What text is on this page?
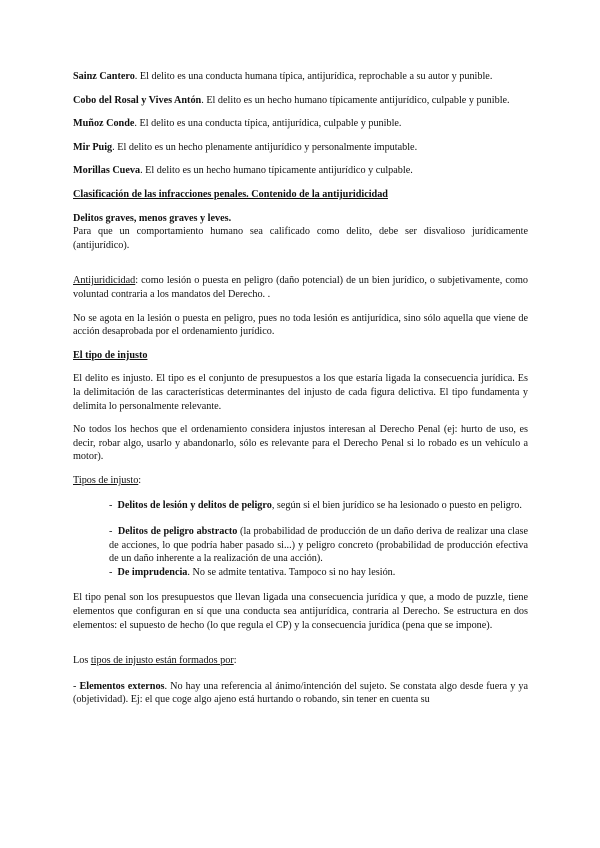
Sainz Cantero. El delito es una conducta humana típica, antijurídica, reprochable a su autor y punible.

Cobo del Rosal y Vives Antón. El delito es un hecho humano típicamente antijurídico, culpable y punible.

Muñoz Conde. El delito es una conducta típica, antijurídica, culpable y punible.

Mir Puig. El delito es un hecho plenamente antijurídico y personalmente imputable.

Morillas Cueva. El delito es un hecho humano típicamente antijurídico y culpable.

Clasificación de las infracciones penales. Contenido de la antijuridicidad

Delitos graves, menos graves y leves.
Para que un comportamiento humano sea calificado como delito, debe ser disvalioso jurídicamente (antijurídico).

Antijuridicidad: como lesión o puesta en peligro (daño potencial) de un bien jurídico, o subjetivamente, como voluntad contraria a los mandatos del Derecho. .

No se agota en la lesión o puesta en peligro, pues no toda lesión es antijurídica, sino sólo aquella que viene de acción desaprobada por el ordenamiento jurídico.

El tipo de injusto

El delito es injusto. El tipo es el conjunto de presupuestos a los que estaría ligada la consecuencia jurídica. Es la delimitación de las características determinantes del injusto de cada figura delictiva. El tipo fundamenta y delimita lo personalmente relevante.

No todos los hechos que el ordenamiento considera injustos interesan al Derecho Penal (ej: hurto de uso, es decir, robar algo, usarlo y abandonarlo, sólo es relevante para el Derecho Penal si lo robado es un vehículo a motor).

Tipos de injusto:

- Delitos de lesión y delitos de peligro, según si el bien jurídico se ha lesionado o puesto en peligro.

- Delitos de peligro abstracto (la probabilidad de producción de un daño deriva de realizar una clase de acciones, lo que podría haber pasado si...) y peligro concreto (probabilidad de producción efectiva de un daño inherente a la realización de una acción).

- De imprudencia. No se admite tentativa. Tampoco si no hay lesión.

El tipo penal son los presupuestos que llevan ligada una consecuencia jurídica y que, a modo de puzzle, tiene elementos que configuran en sí que una conducta sea antijurídica, contraria al Derecho. Se estructura en dos elementos: el supuesto de hecho (lo que regula el CP) y la consecuencia jurídica (pena que se impone).

Los tipos de injusto están formados por:

- Elementos externos. No hay una referencia al ánimo/intención del sujeto. Se constata algo desde fuera y ya (objetividad). Ej: el que coge algo ajeno está hurtando o robando, sin tener en cuenta su
